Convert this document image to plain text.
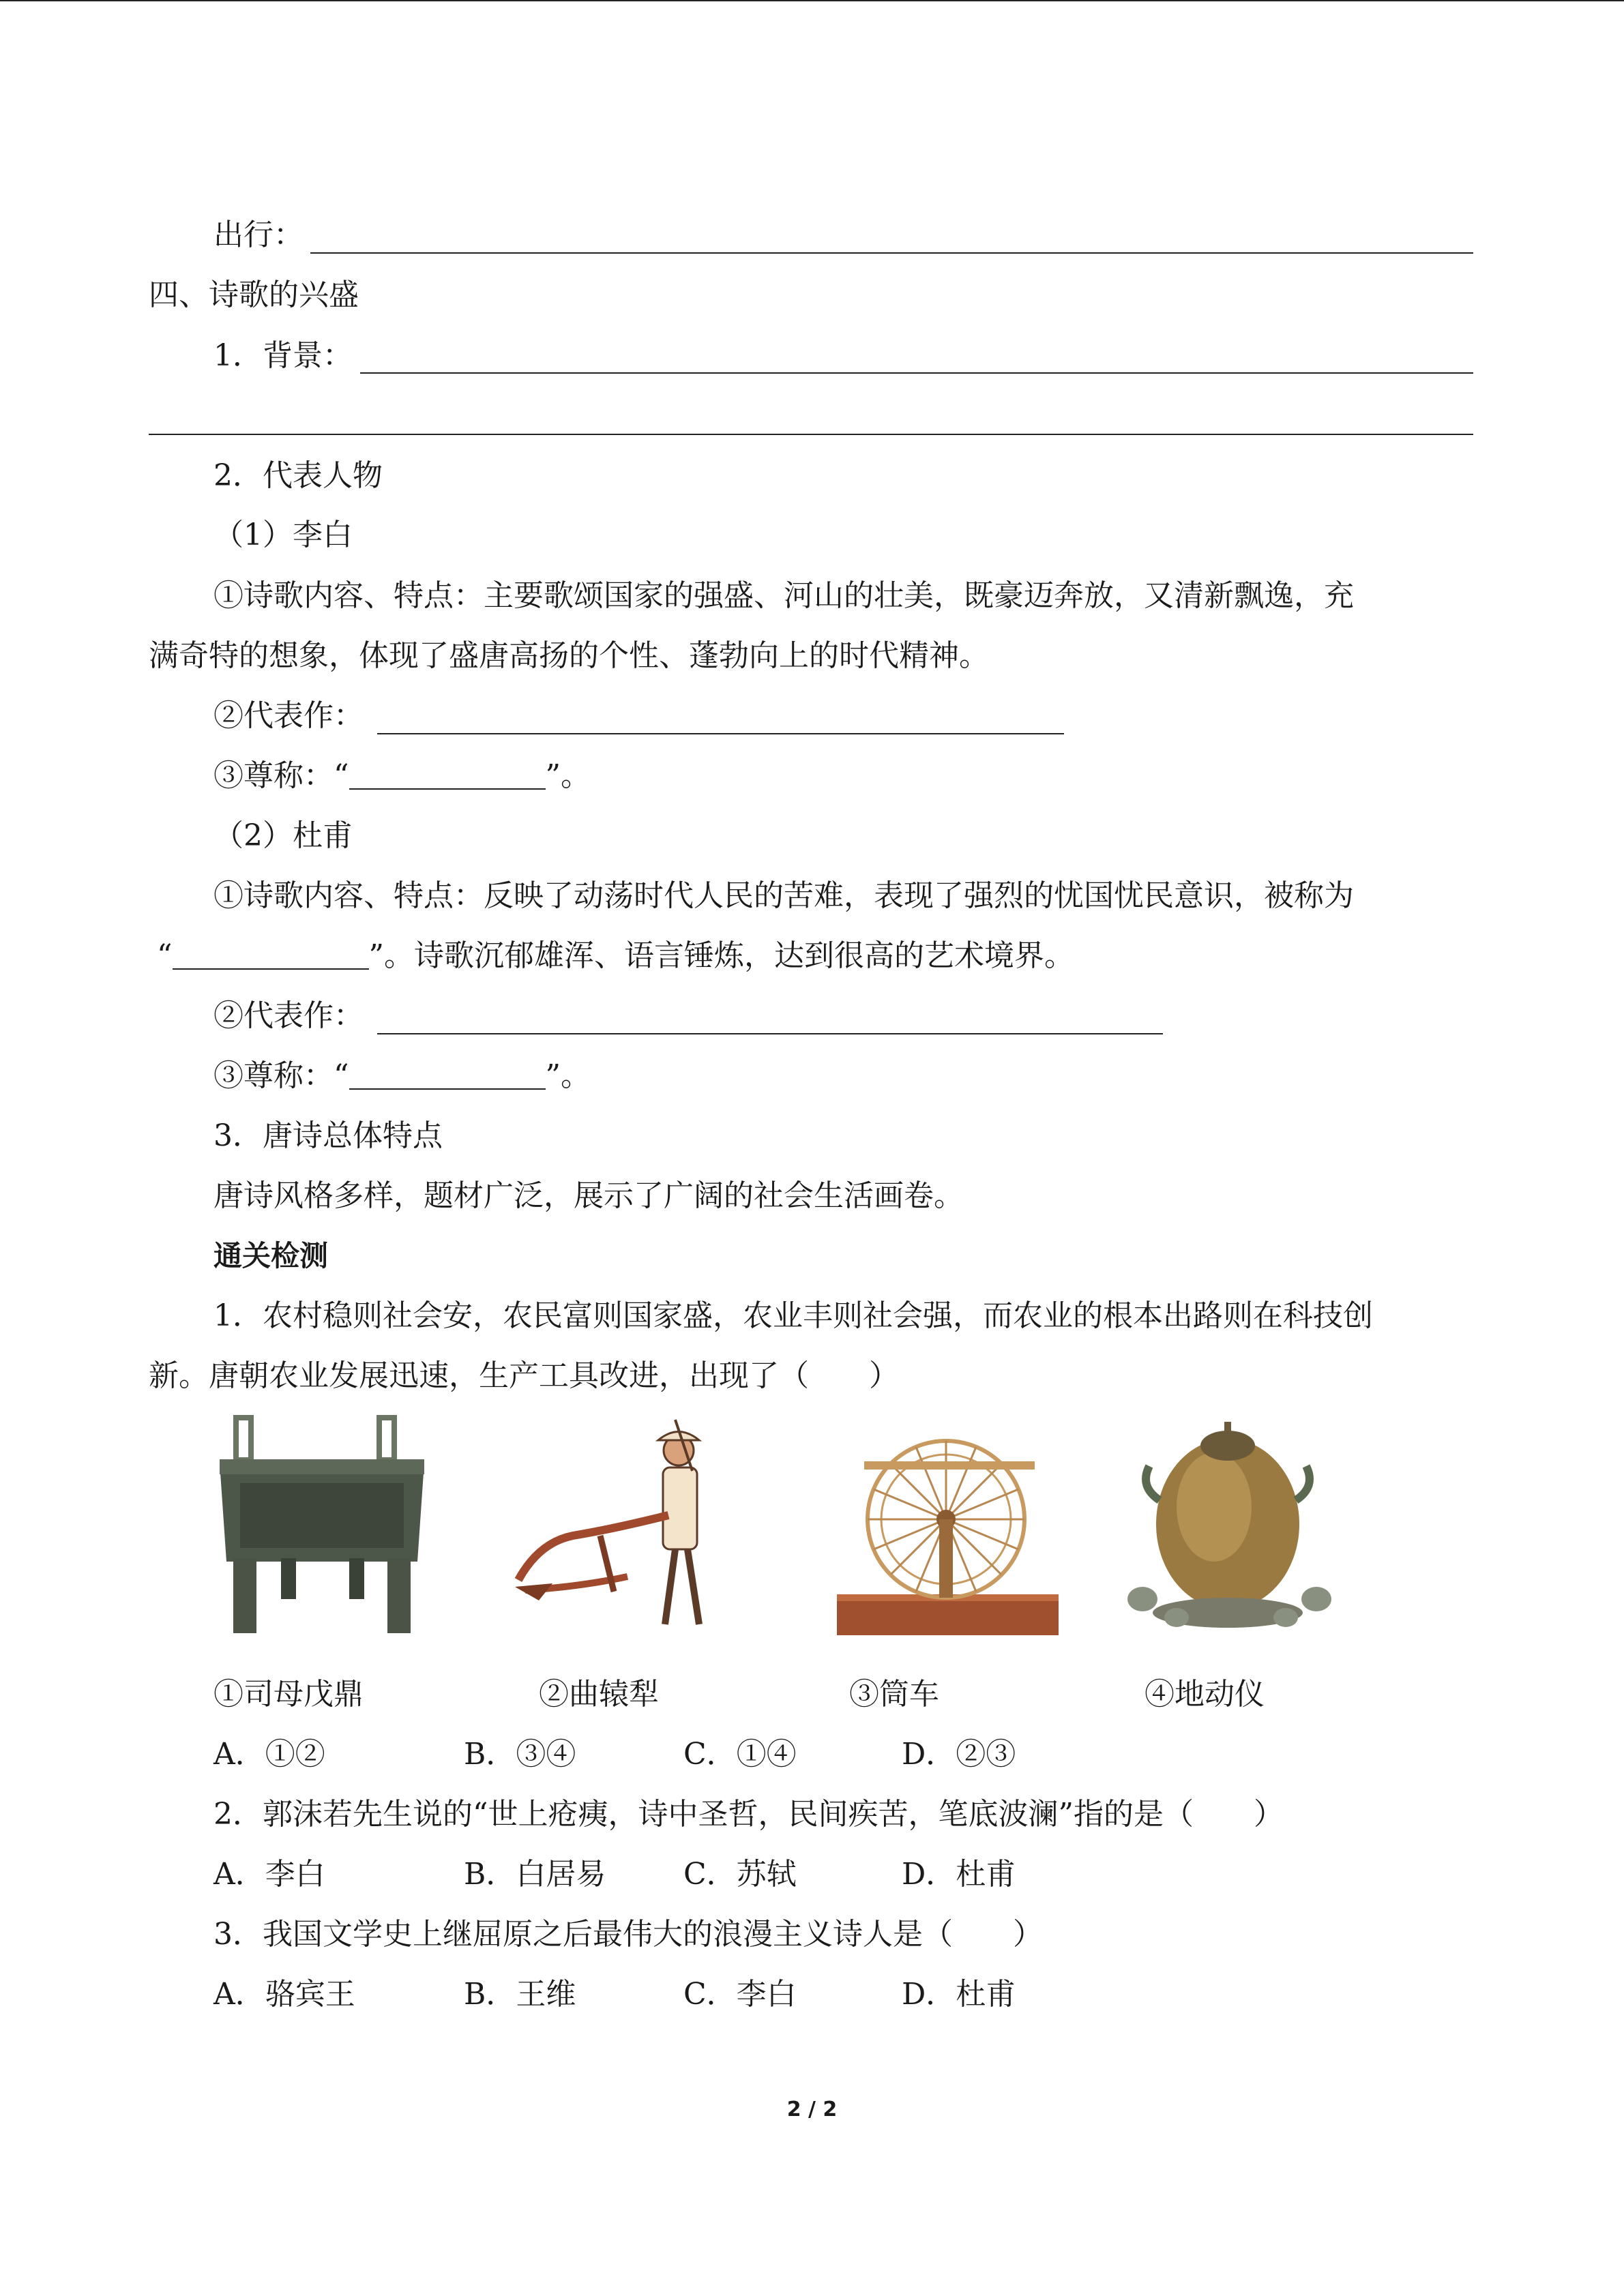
出行：
四、诗歌的兴盛
1．背景：
2．代表人物
（1）李白
①诗歌内容、特点：主要歌颂国家的强盛、河山的壮美，既豪迈奔放，又清新飘逸，充
满奇特的想象，体现了盛唐高扬的个性、蓬勃向上的时代精神。
②代表作：
③尊称：“	”。
（2）杜甫
①诗歌内容、特点：反映了动荡时代人民的苦难，表现了强烈的忧国忧民意识，被称为
“	”。诗歌沉郁雄浑、语言锤炼，达到很高的艺术境界。
②代表作：
③尊称：“	”。
3．唐诗总体特点
唐诗风格多样，题材广泛，展示了广阔的社会生活画卷。
通关检测
1．农村稳则社会安，农民富则国家盛，农业丰则社会强，而农业的根本出路则在科技创
新。唐朝农业发展迅速，生产工具改进，出现了（　　）
①司母戊鼎	②曲辕犁	③筒车	④地动仪
A．①②	B．③④	C．①④	D．②③
2．郭沫若先生说的“世上疮痍，诗中圣哲，民间疾苦，笔底波澜”指的是（　　）
A．李白	B．白居易	C．苏轼	D．杜甫
3．我国文学史上继屈原之后最伟大的浪漫主义诗人是（　　）
A．骆宾王	B．王维	C．李白	D．杜甫
2 / 2
